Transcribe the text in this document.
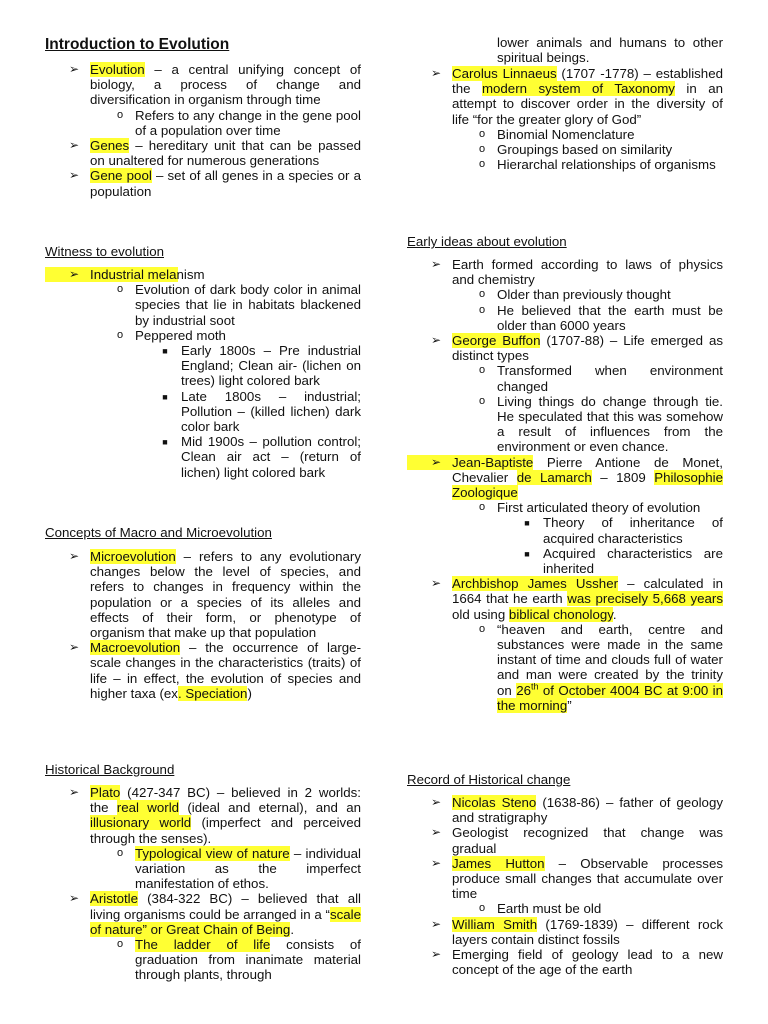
Introduction to Evolution
➢ Evolution – a central unifying concept of biology, a process of change and diversification in organism through time
o Refers to any change in the gene pool of a population over time
➢ Genes – hereditary unit that can be passed on unaltered for numerous generations
➢ Gene pool – set of all genes in a species or a population
Witness to evolution
➢ Industrial melanism
o Evolution of dark body color in animal species that lie in habitats blackened by industrial soot
o Peppered moth
■ Early 1800s – Pre industrial England; Clean air- (lichen on trees) light colored bark
■ Late 1800s – industrial; Pollution – (killed lichen) dark color bark
■ Mid 1900s – pollution control; Clean air act – (return of lichen) light colored bark
Concepts of Macro and Microevolution
➢ Microevolution – refers to any evolutionary changes below the level of species, and refers to changes in frequency within the population or a species of its alleles and effects of their form, or phenotype of organism that make up that population
➢ Macroevolution – the occurrence of large-scale changes in the characteristics (traits) of life – in effect, the evolution of species and higher taxa (ex. Speciation)
Historical Background
➢ Plato (427-347 BC) – believed in 2 worlds: the real world (ideal and eternal), and an illusionary world (imperfect and perceived through the senses).
o Typological view of nature – individual variation as the imperfect manifestation of ethos.
➢ Aristotle (384-322 BC) – believed that all living organisms could be arranged in a “scale of nature” or Great Chain of Being.
o The ladder of life consists of graduation from inanimate material through plants, through
lower animals and humans to other spiritual beings.
➢ Carolus Linnaeus (1707 -1778) – established the modern system of Taxonomy in an attempt to discover order in the diversity of life “for the greater glory of God”
o Binomial Nomenclature
o Groupings based on similarity
o Hierarchal relationships of organisms
Early ideas about evolution
➢ Earth formed according to laws of physics and chemistry
o Older than previously thought
o He believed that the earth must be older than 6000 years
➢ George Buffon (1707-88) – Life emerged as distinct types
o Transformed when environment changed
o Living things do change through tie. He speculated that this was somehow a result of influences from the environment or even chance.
➢ Jean-Baptiste Pierre Antione de Monet, Chevalier de Lamarch – 1809 Philosophie Zoologique
o First articulated theory of evolution
■ Theory of inheritance of acquired characteristics
■ Acquired characteristics are inherited
➢ Archbishop James Ussher – calculated in 1664 that he earth was precisely 5,668 years old using biblical chonology.
o “heaven and earth, centre and substances were made in the same instant of time and clouds full of water and man were created by the trinity on 26th of October 4004 BC at 9:00 in the morning”
Record of Historical change
➢ Nicolas Steno (1638-86) – father of geology and stratigraphy
➢ Geologist recognized that change was gradual
➢ James Hutton – Observable processes produce small changes that accumulate over time
o Earth must be old
➢ William Smith (1769-1839) – different rock layers contain distinct fossils
➢ Emerging field of geology lead to a new concept of the age of the earth
